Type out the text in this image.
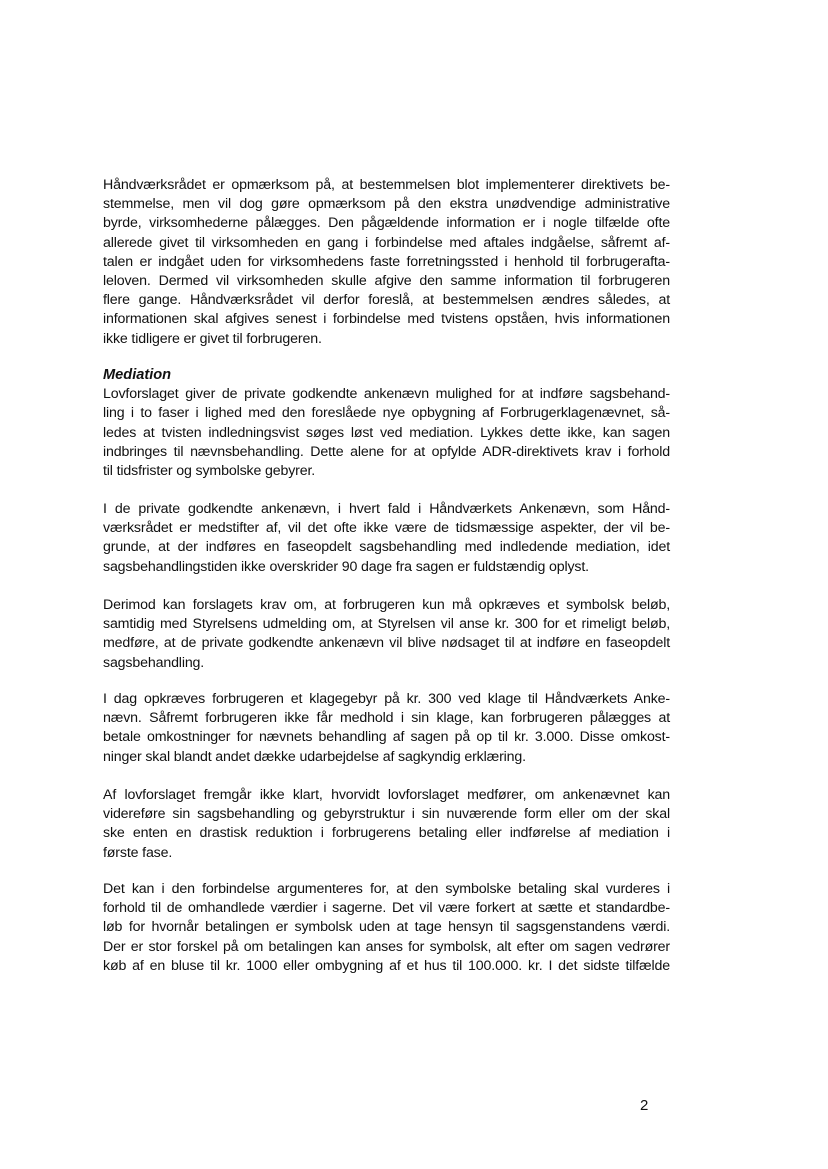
Håndværksrådet er opmærksom på, at bestemmelsen blot implementerer direktivets be-
stemmelse, men vil dog gøre opmærksom på den ekstra unødvendige administrative
byrde, virksomhederne pålægges. Den pågældende information er i nogle tilfælde ofte
allerede givet til virksomheden en gang i forbindelse med aftales indgåelse, såfremt af-
talen er indgået uden for virksomhedens faste forretningssted i henhold til forbrugerafta-
leloven. Dermed vil virksomheden skulle afgive den samme information til forbrugeren
flere gange. Håndværksrådet vil derfor foreslå, at bestemmelsen ændres således, at
informationen skal afgives senest i forbindelse med tvistens opståen, hvis informationen
ikke tidligere er givet til forbrugeren.
Mediation
Lovforslaget giver de private godkendte ankenævn mulighed for at indføre sagsbehand-
ling i to faser i lighed med den foreslåede nye opbygning af Forbrugerklagenævnet, så-
ledes at tvisten indledningsvist søges løst ved mediation. Lykkes dette ikke, kan sagen
indbringes til nævnsbehandling. Dette alene for at opfylde ADR-direktivets krav i forhold
til tidsfrister og symbolske gebyrer.
I de private godkendte ankenævn, i hvert fald i Håndværkets Ankenævn, som Hånd-
værksrådet er medstifter af, vil det ofte ikke være de tidsmæssige aspekter, der vil be-
grunde, at der indføres en faseopdelt sagsbehandling med indledende mediation, idet
sagsbehandlingstiden ikke overskrider 90 dage fra sagen er fuldstændig oplyst.
Derimod kan forslagets krav om, at forbrugeren kun må opkræves et symbolsk beløb,
samtidig med Styrelsens udmelding om, at Styrelsen vil anse kr. 300 for et rimeligt beløb,
medføre, at de private godkendte ankenævn vil blive nødsaget til at indføre en faseopdelt
sagsbehandling.
I dag opkræves forbrugeren et klagegebyr på kr. 300 ved klage til Håndværkets Anke-
nævn. Såfremt forbrugeren ikke får medhold i sin klage, kan forbrugeren pålægges at
betale omkostninger for nævnets behandling af sagen på op til kr. 3.000. Disse omkost-
ninger skal blandt andet dække udarbejdelse af sagkyndig erklæring.
Af lovforslaget fremgår ikke klart, hvorvidt lovforslaget medfører, om ankenævnet kan
videreføre sin sagsbehandling og gebyrstruktur i sin nuværende form eller om der skal
ske enten en drastisk reduktion i forbrugerens betaling eller indførelse af mediation i
første fase.
Det kan i den forbindelse argumenteres for, at den symbolske betaling skal vurderes i
forhold til de omhandlede værdier i sagerne. Det vil være forkert at sætte et standardbe-
løb for hvornår betalingen er symbolsk uden at tage hensyn til sagsgenstandens værdi.
Der er stor forskel på om betalingen kan anses for symbolsk, alt efter om sagen vedrører
køb af en bluse til kr. 1000 eller ombygning af et hus til 100.000. kr. I det sidste tilfælde
2
